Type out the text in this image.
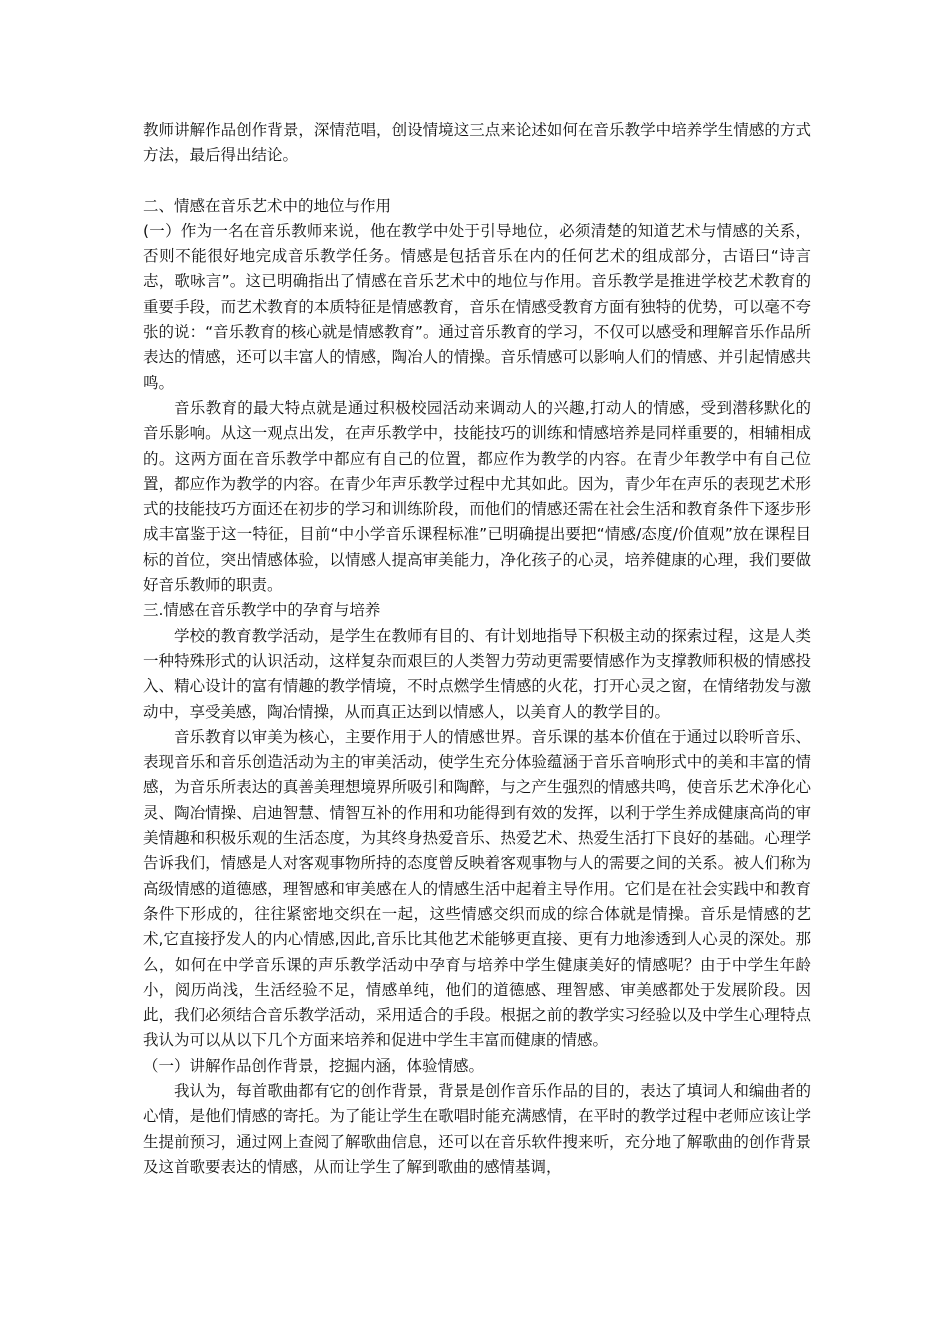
教师讲解作品创作背景，深情范唱，创设情境这三点来论述如何在音乐教学中培养学生情感的方式方法，最后得出结论。

二、情感在音乐艺术中的地位与作用

(一）作为一名在音乐教师来说，他在教学中处于引导地位，必须清楚的知道艺术与情感的关系，否则不能很好地完成音乐教学任务。情感是包括音乐在内的任何艺术的组成部分，古语曰“诗言志，歌咏言”。这已明确指出了情感在音乐艺术中的地位与作用。音乐教学是推进学校艺术教育的重要手段，而艺术教育的本质特征是情感教育，音乐在情感受教育方面有独特的优势，可以毫不夸张的说：“音乐教育的核心就是情感教育”。通过音乐教育的学习，不仅可以感受和理解音乐作品所表达的情感，还可以丰富人的情感，陶冶人的情操。音乐情感可以影响人们的情感、并引起情感共鸣。

音乐教育的最大特点就是通过积极校园活动来调动人的兴趣,打动人的情感，受到潜移默化的音乐影响。从这一观点出发，在声乐教学中，技能技巧的训练和情感培养是同样重要的，相辅相成的。这两方面在音乐教学中都应有自己的位置，都应作为教学的内容。在青少年教学中有自己位置，都应作为教学的内容。在青少年声乐教学过程中尤其如此。因为，青少年在声乐的表现艺术形式的技能技巧方面还在初步的学习和训练阶段，而他们的情感还需在社会生活和教育条件下逐步形成丰富鉴于这一特征，目前“中小学音乐课程标准”已明确提出要把“情感/态度/价值观”放在课程目标的首位，突出情感体验，以情感人提高审美能力，净化孩子的心灵，培养健康的心理，我们要做好音乐教师的职责。

三.情感在音乐教学中的孕育与培养

学校的教育教学活动，是学生在教师有目的、有计划地指导下积极主动的探索过程，这是人类一种特殊形式的认识活动，这样复杂而艰巨的人类智力劳动更需要情感作为支撑教师积极的情感投入、精心设计的富有情趣的教学情境，不时点燃学生情感的火花，打开心灵之窗，在情绪勃发与激动中，享受美感，陶冶情操，从而真正达到以情感人，以美育人的教学目的。

音乐教育以审美为核心，主要作用于人的情感世界。音乐课的基本价值在于通过以聆听音乐、表现音乐和音乐创造活动为主的审美活动，使学生充分体验蕴涵于音乐音响形式中的美和丰富的情感，为音乐所表达的真善美理想境界所吸引和陶醉，与之产生强烈的情感共鸣，使音乐艺术净化心灵、陶冶情操、启迪智慧、情智互补的作用和功能得到有效的发挥，以利于学生养成健康高尚的审美情趣和积极乐观的生活态度，为其终身热爱音乐、热爱艺术、热爱生活打下良好的基础。心理学告诉我们，情感是人对客观事物所持的态度曾反映着客观事物与人的需要之间的关系。被人们称为高级情感的道德感，理智感和审美感在人的情感生活中起着主导作用。它们是在社会实践中和教育条件下形成的，往往紧密地交织在一起，这些情感交织而成的综合体就是情操。音乐是情感的艺术,它直接抒发人的内心情感,因此,音乐比其他艺术能够更直接、更有力地渗透到人心灵的深处。那么，如何在中学音乐课的声乐教学活动中孕育与培养中学生健康美好的情感呢？由于中学生年龄小，阅历尚浅，生活经验不足，情感单纯，他们的道德感、理智感、审美感都处于发展阶段。因此，我们必须结合音乐教学活动，采用适合的手段。根据之前的教学实习经验以及中学生心理特点我认为可以从以下几个方面来培养和促进中学生丰富而健康的情感。

（一）讲解作品创作背景，挖掘内涵，体验情感。

我认为，每首歌曲都有它的创作背景，背景是创作音乐作品的目的，表达了填词人和编曲者的心情，是他们情感的寄托。为了能让学生在歌唱时能充满感情，在平时的教学过程中老师应该让学生提前预习，通过网上查阅了解歌曲信息，还可以在音乐软件搜来听，充分地了解歌曲的创作背景及这首歌要表达的情感，从而让学生了解到歌曲的感情基调，
